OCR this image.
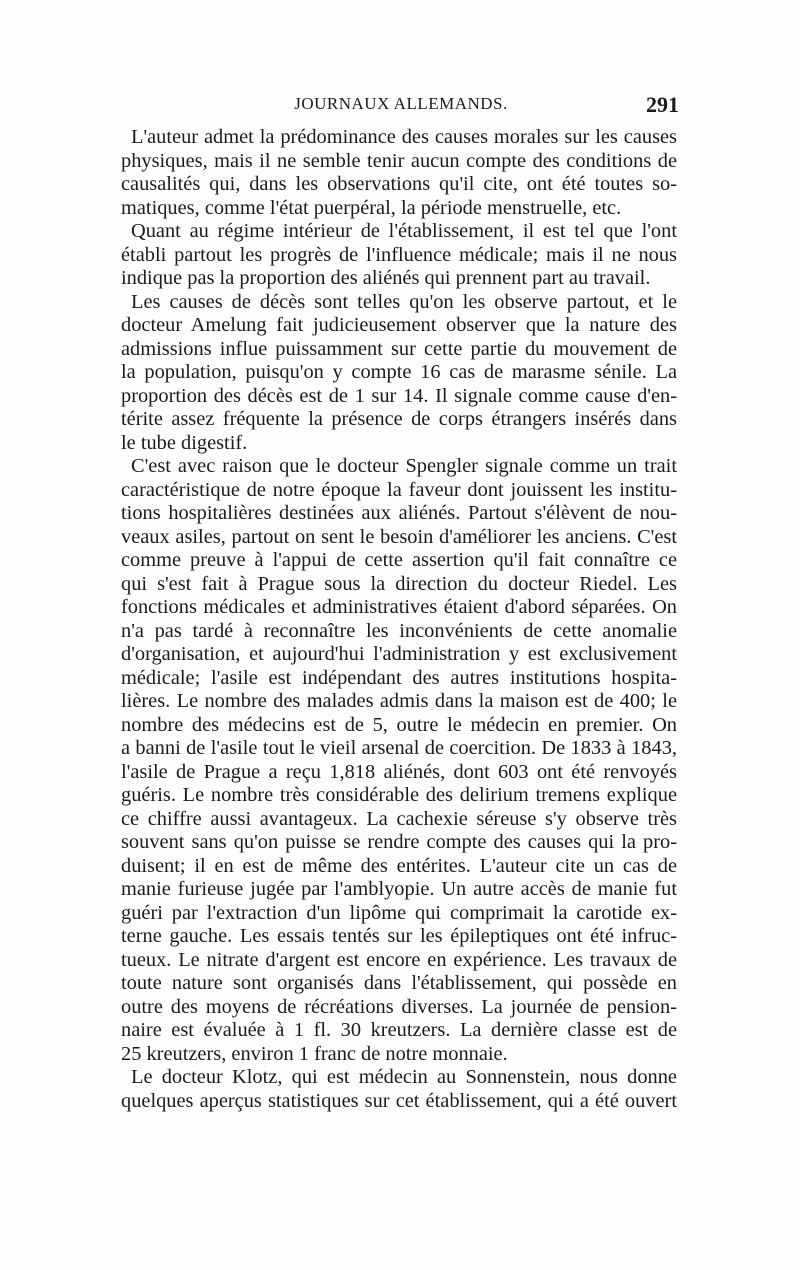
JOURNAUX ALLEMANDS.	291
L'auteur admet la prédominance des causes morales sur les causes
physiques, mais il ne semble tenir aucun compte des conditions de
causalités qui, dans les observations qu'il cite, ont été toutes so-
matiques, comme l'état puerpéral, la période menstruelle, etc.
Quant au régime intérieur de l'établissement, il est tel que l'ont
établi partout les progrès de l'influence médicale; mais il ne nous
indique pas la proportion des aliénés qui prennent part au travail.
Les causes de décès sont telles qu'on les observe partout, et le
docteur Amelung fait judicieusement observer que la nature des
admissions influe puissamment sur cette partie du mouvement de
la population, puisqu'on y compte 16 cas de marasme sénile. La
proportion des décès est de 1 sur 14. Il signale comme cause d'en-
térite assez fréquente la présence de corps étrangers insérés dans
le tube digestif.
C'est avec raison que le docteur Spengler signale comme un trait
caractéristique de notre époque la faveur dont jouissent les institu-
tions hospitalières destinées aux aliénés. Partout s'élèvent de nou-
veaux asiles, partout on sent le besoin d'améliorer les anciens. C'est
comme preuve à l'appui de cette assertion qu'il fait connaître ce
qui s'est fait à Prague sous la direction du docteur Riedel. Les
fonctions médicales et administratives étaient d'abord séparées. On
n'a pas tardé à reconnaître les inconvénients de cette anomalie
d'organisation, et aujourd'hui l'administration y est exclusivement
médicale; l'asile est indépendant des autres institutions hospita-
lières. Le nombre des malades admis dans la maison est de 400; le
nombre des médecins est de 5, outre le médecin en premier. On
a banni de l'asile tout le vieil arsenal de coercition. De 1833 à 1843,
l'asile de Prague a reçu 1,818 aliénés, dont 603 ont été renvoyés
guéris. Le nombre très considérable des delirium tremens explique
ce chiffre aussi avantageux. La cachexie séreuse s'y observe très
souvent sans qu'on puisse se rendre compte des causes qui la pro-
duisent; il en est de même des entérites. L'auteur cite un cas de
manie furieuse jugée par l'amblyopie. Un autre accès de manie fut
guéri par l'extraction d'un lipôme qui comprimait la carotide ex-
terne gauche. Les essais tentés sur les épileptiques ont été infruc-
tueux. Le nitrate d'argent est encore en expérience. Les travaux de
toute nature sont organisés dans l'établissement, qui possède en
outre des moyens de récréations diverses. La journée de pension-
naire est évaluée à 1 fl. 30 kreutzers. La dernière classe est de
25 kreutzers, environ 1 franc de notre monnaie.
Le docteur Klotz, qui est médecin au Sonnenstein, nous donne
quelques aperçus statistiques sur cet établissement, qui a été ouvert
